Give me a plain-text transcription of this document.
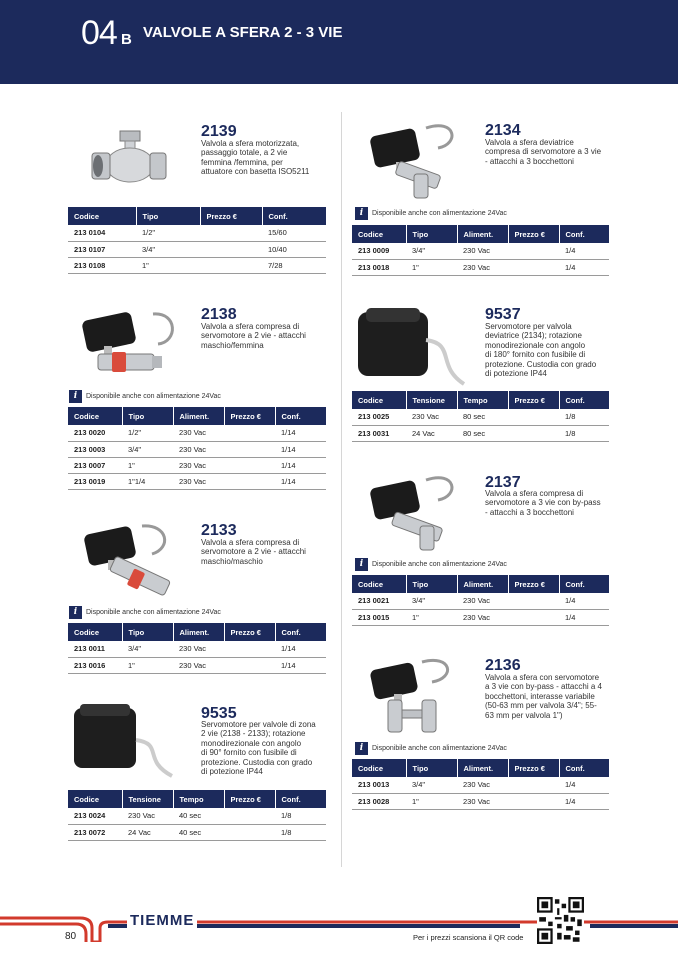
04 B VALVOLE A SFERA 2 - 3 VIE
2139
Valvola a sfera motorizzata,
passaggio totale, a 2 vie
femmina /femmina, per
attuatore con basetta ISO5211
Codice	Tipo	Prezzo €	Conf.
213 0104	1/2"		15/60
213 0107	3/4"		10/40
213 0108	1"		7/28
2138
Valvola a sfera compresa di
servomotore a 2 vie - attacchi
maschio/femmina
i	Disponibile anche con alimentazione 24Vac
Codice	Tipo	Aliment.	Prezzo €	Conf.
213 0020	1/2"	230 Vac		1/14
213 0003	3/4"	230 Vac		1/14
213 0007	1"	230 Vac		1/14
213 0019	1"1/4	230 Vac		1/14
2133
Valvola a sfera compresa di
servomotore a 2 vie - attacchi
maschio/maschio
i	Disponibile anche con alimentazione 24Vac
Codice	Tipo	Aliment.	Prezzo €	Conf.
213 0011	3/4"	230 Vac		1/14
213 0016	1"	230 Vac		1/14
9535
Servomotore per valvole di zona
2 vie (2138 - 2133); rotazione
monodirezionale con angolo
di 90° fornito con fusibile di
protezione. Custodia con grado
di potezione IP44
Codice	Tensione	Tempo	Prezzo €	Conf.
213 0024	230 Vac	40 sec		1/8
213 0072	24 Vac	40 sec		1/8
2134
Valvola a sfera deviatrice
compresa di servomotore a 3 vie
- attacchi a 3 bocchettoni
i	Disponibile anche con alimentazione 24Vac
Codice	Tipo	Aliment.	Prezzo €	Conf.
213 0009	3/4"	230 Vac		1/4
213 0018	1"	230 Vac		1/4
9537
Servomotore per valvola
deviatrice (2134); rotazione
monodirezionale con angolo
di 180° fornito con fusibile di
protezione. Custodia con grado
di potezione IP44
Codice	Tensione	Tempo	Prezzo €	Conf.
213 0025	230 Vac	80 sec		1/8
213 0031	24 Vac	80 sec		1/8
2137
Valvola a sfera compresa di
servomotore a 3 vie con by-pass
- attacchi a 3 bocchettoni
i	Disponibile anche con alimentazione 24Vac
Codice	Tipo	Aliment.	Prezzo €	Conf.
213 0021	3/4"	230 Vac		1/4
213 0015	1"	230 Vac		1/4
2136
Valvola a sfera con servomotore
a 3 vie con by-pass - attacchi a 4
bocchettoni, interasse variabile
(50-63 mm per valvola 3/4"; 55-
63 mm per valvola 1")
i	Disponibile anche con alimentazione 24Vac
Codice	Tipo	Aliment.	Prezzo €	Conf.
213 0013	3/4"	230 Vac		1/4
213 0028	1"	230 Vac		1/4
80
TIEMME
Per i prezzi scansiona il QR code
